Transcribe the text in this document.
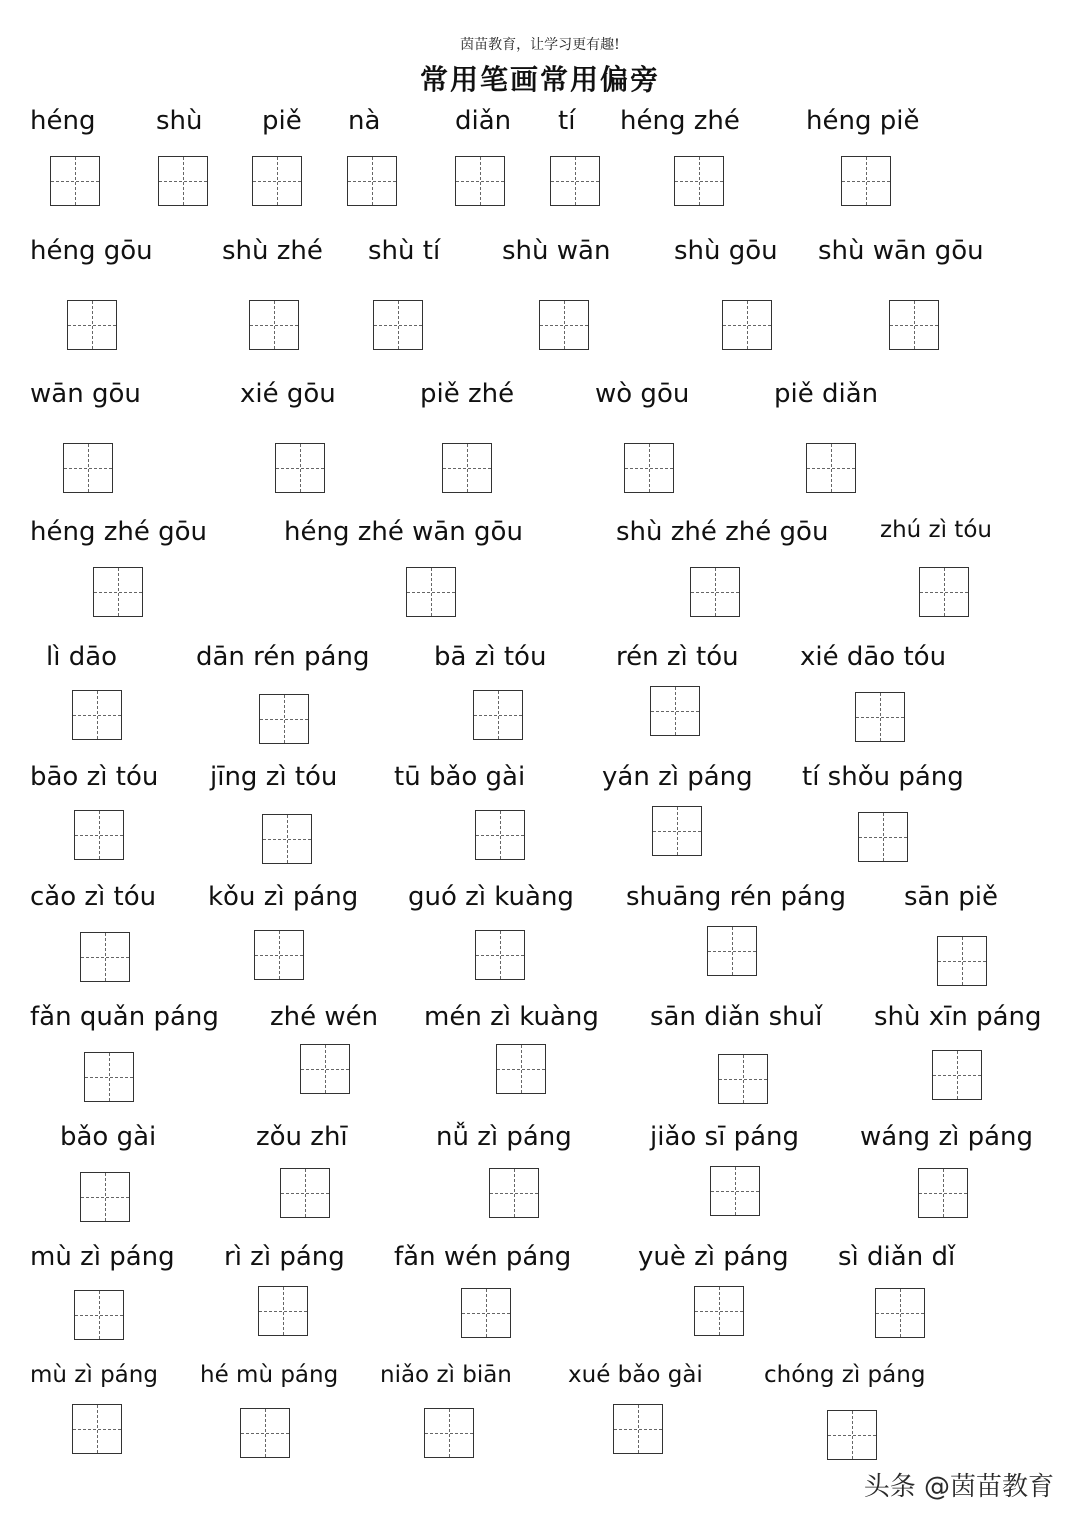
茵苗教育，让学习更有趣!
常用笔画常用偏旁
héng shù piě nà	diǎn tí héng zhé	héng piě
héng gōu	shù zhé shù tí shù wān shù gōu shù wān gōu
wān gōu	xié gōu	piě zhé	wò gōu	piě diǎn
héng zhé gōu	héng zhé wān gōu	shù zhé zhé gōu zhú zì tóu
lì dāo	dān rén páng bā zì tóu	rén zì tóu xié dāo tóu
bāo zì tóu jīng zì tóu tū bǎo gài	yán zì páng tí shǒu páng
cǎo zì tóu kǒu zì páng guó zì kuàng shuāng rén páng sān piě
fǎn quǎn páng zhé wén mén zì kuàng sān diǎn shuǐ shù xīn páng
bǎo gài	zǒu zhī	nǚ zì páng	jiǎo sī páng wáng zì páng
mù zì páng rì zì páng fǎn wén páng	yuè zì páng sì diǎn dǐ
mù zì páng hé mù páng niǎo zì biān xué bǎo gài	chóng zì páng
头条 @茵苗教育
